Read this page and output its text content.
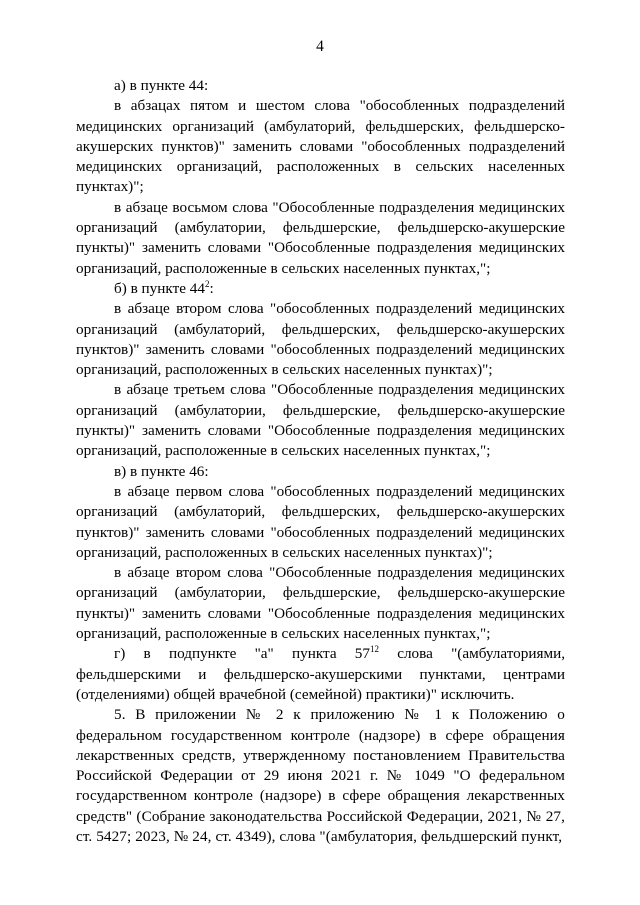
4

а) в пункте 44:

в абзацах пятом и шестом слова "обособленных подразделений медицинских организаций (амбулаторий, фельдшерских, фельдшерско-акушерских пунктов)" заменить словами "обособленных подразделений медицинских организаций, расположенных в сельских населенных пунктах)";

в абзаце восьмом слова "Обособленные подразделения медицинских организаций (амбулатории, фельдшерские, фельдшерско-акушерские пункты)" заменить словами "Обособленные подразделения медицинских организаций, расположенные в сельских населенных пунктах,";

б) в пункте $44^2$:

в абзаце втором слова "обособленных подразделений медицинских организаций (амбулаторий, фельдшерских, фельдшерско-акушерских пунктов)" заменить словами "обособленных подразделений медицинских организаций, расположенных в сельских населенных пунктах)";

в абзаце третьем слова "Обособленные подразделения медицинских организаций (амбулатории, фельдшерские, фельдшерско-акушерские пункты)" заменить словами "Обособленные подразделения медицинских организаций, расположенные в сельских населенных пунктах,";

в) в пункте 46:

в абзаце первом слова "обособленных подразделений медицинских организаций (амбулаторий, фельдшерских, фельдшерско-акушерских пунктов)" заменить словами "обособленных подразделений медицинских организаций, расположенных в сельских населенных пунктах)";

в абзаце втором слова "Обособленные подразделения медицинских организаций (амбулатории, фельдшерские, фельдшерско-акушерские пункты)" заменить словами "Обособленные подразделения медицинских организаций, расположенные в сельских населенных пунктах,";

г) в подпункте "а" пункта $57^{12}$ слова "(амбулаториями, фельдшерскими и фельдшерско-акушерскими пунктами, центрами (отделениями) общей врачебной (семейной) практики)" исключить.

5. В приложении № 2 к приложению № 1 к Положению о федеральном государственном контроле (надзоре) в сфере обращения лекарственных средств, утвержденному постановлением Правительства Российской Федерации от 29 июня 2021 г. № 1049 "О федеральном государственном контроле (надзоре) в сфере обращения лекарственных средств" (Собрание законодательства Российской Федерации, 2021, № 27, ст. 5427; 2023, № 24, ст. 4349), слова "(амбулатория, фельдшерский пункт,
